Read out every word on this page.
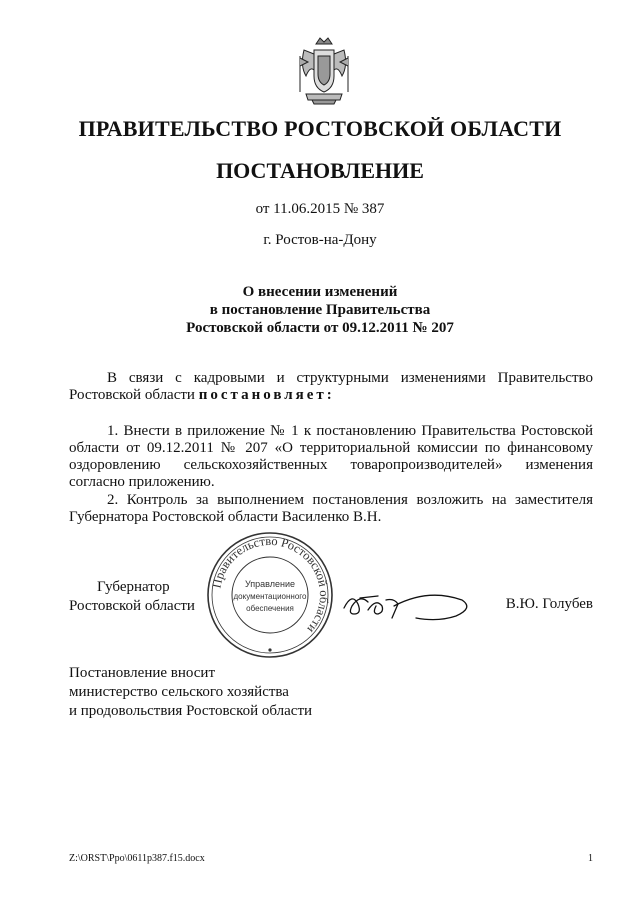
ПРАВИТЕЛЬСТВО РОСТОВСКОЙ ОБЛАСТИ
ПОСТАНОВЛЕНИЕ
от 11.06.2015 № 387
г. Ростов-на-Дону
О внесении изменений
в постановление Правительства
Ростовской области от 09.12.2011 № 207

В связи с кадровыми и структурными изменениями Правительство Ростовской области постановляет:

1. Внести в приложение № 1 к постановлению Правительства Ростовской области от 09.12.2011 № 207 «О территориальной комиссии по финансовому оздоровлению сельскохозяйственных товаропроизводителей» изменения согласно приложению.

2. Контроль за выполнением постановления возложить на заместителя Губернатора Ростовской области Василенко В.Н.

Губернатор
Ростовской области
Правительство Ростовской области
Управление
документационного
обеспечения	В.Ю. Голубев
Постановление вносит
министерство сельского хозяйства
и продовольствия Ростовской области
Z:\ORST\Ppo\0611p387.f15.docx	1
